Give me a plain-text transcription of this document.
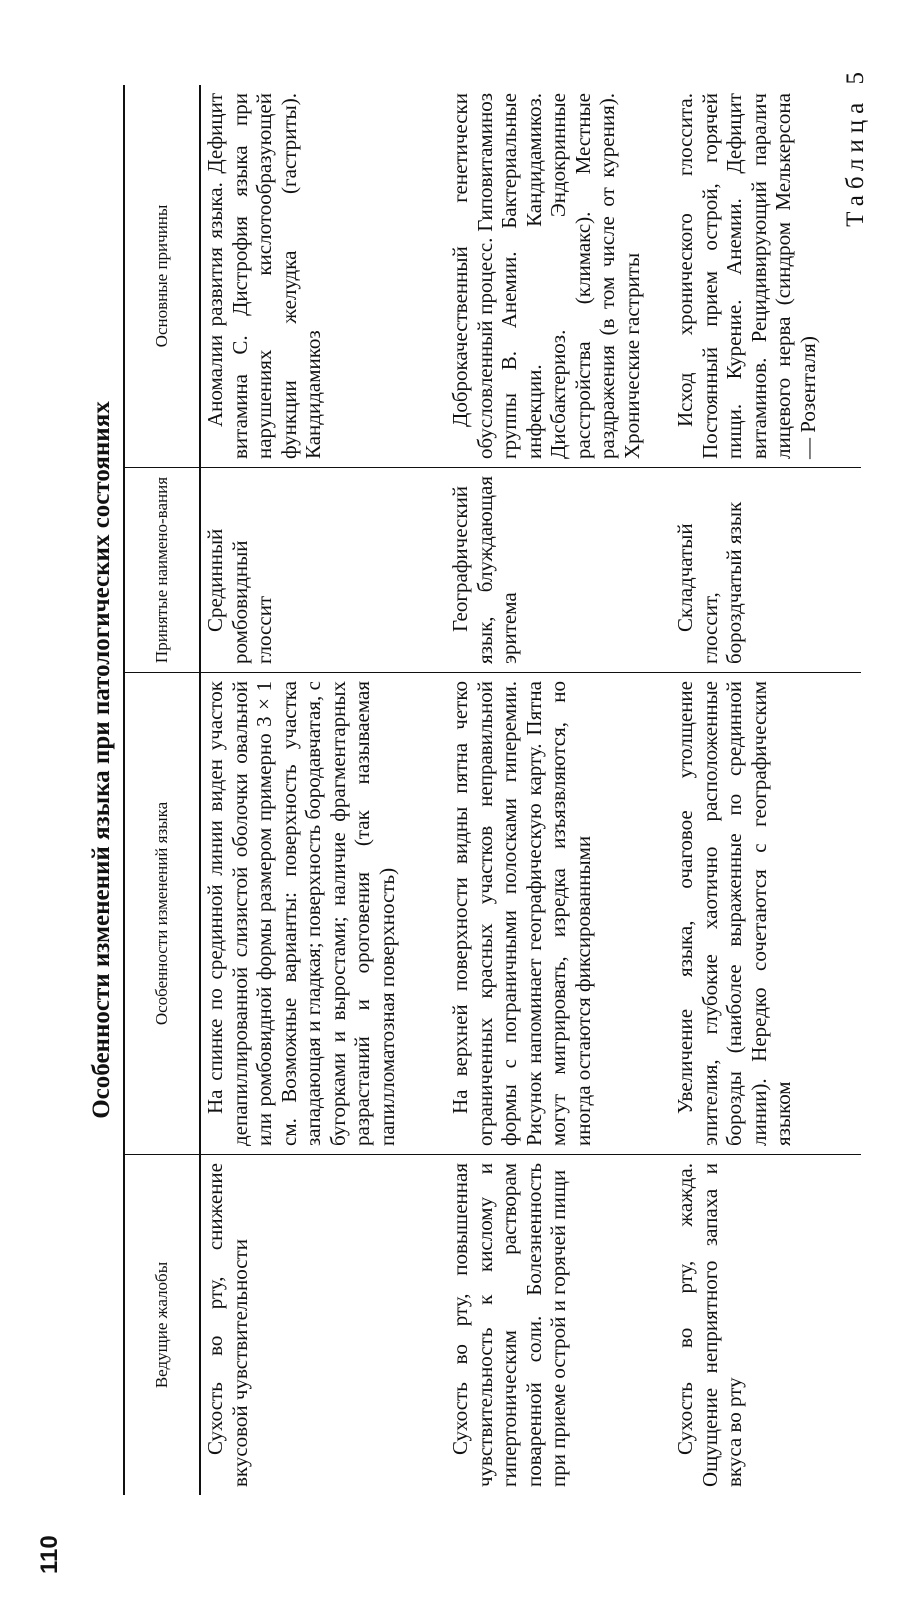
110
Таблица 5
Особенности изменений языка при патологических состояниях
Ведущие жалобы
Особенности изменений языка
Принятые наимено-вания
Основные причины
Сухость во рту, снижение вкусовой чувствительности
На спинке по срединной линии виден участок депапиллированной слизистой оболочки овальной или ромбовидной формы размером примерно 3 × 1 см. Возможные варианты: поверхность участка западающая и гладкая; поверхность бородавчатая, с бугорками и выростами; наличие фрагментарных разрастаний и ороговения (так называемая папилломатозная поверхность)
Срединный ромбовидный глоссит
Аномалии развития языка. Дефицит витамина С. Дистрофия языка при нарушениях кислотообразующей функции желудка (гастриты). Кандидамикоз
Сухость во рту, повышенная чувствительность к кислому и гипертоническим растворам поваренной соли. Болезненность при приеме острой и горячей пищи
На верхней поверхности видны пятна четко ограниченных красных участков неправильной формы с пограничными полосками гиперемии. Рисунок напоминает географическую карту. Пятна могут мигрировать, изредка изъязвляются, но иногда остаются фиксированными
Географический язык, блуждающая эритема
Доброкачественный генетически обусловленный процесс. Гиповитаминоз группы В. Анемии. Бактериальные инфекции. Кандидамикоз. Дисбактериоз. Эндокринные расстройства (климакс). Местные раздражения (в том числе от курения). Хронические гастриты
Сухость во рту, жажда. Ощущение неприятного запаха и вкуса во рту
Увеличение языка, очаговое утолщение эпителия, глубокие хаотично расположенные борозды (наиболее выраженные по срединной линии). Нередко сочетаются с географическим языком
Складчатый глоссит, бороздчатый язык
Исход хронического глоссита. Постоянный прием острой, горячей пищи. Курение. Анемии. Дефицит витаминов. Рецидивирующий паралич лицевого нерва (синдром Мелькерсона — Розенталя)
